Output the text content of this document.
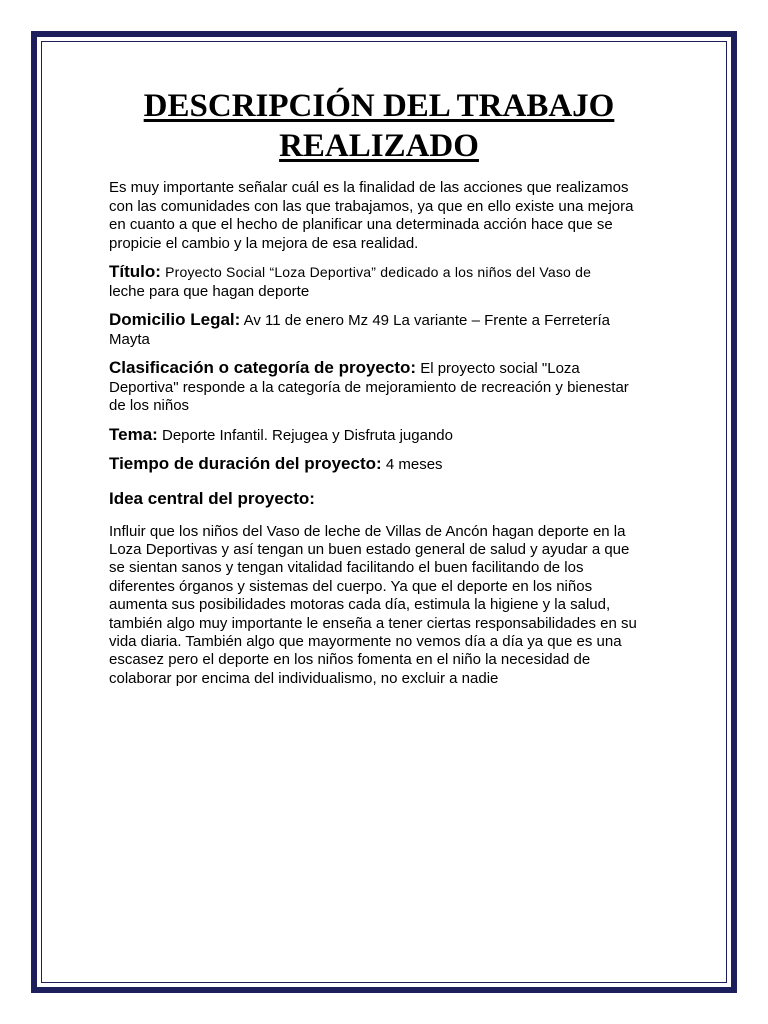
DESCRIPCIÓN DEL TRABAJO
REALIZADO

Es muy importante señalar cuál es la finalidad de las acciones que realizamos con las comunidades con las que trabajamos, ya que en ello existe una mejora en cuanto a que el hecho de planificar una determinada acción hace que se propicie el cambio y la mejora de esa realidad.

Título: Proyecto Social “Loza Deportiva” dedicado a los niños del Vaso de
leche para que hagan deporte

Domicilio Legal: Av 11 de enero Mz 49 La variante – Frente a Ferretería Mayta

Clasificación o categoría de proyecto: El proyecto social "Loza Deportiva" responde a la categoría de mejoramiento de recreación y bienestar de los niños

Tema: Deporte Infantil. Rejugea y Disfruta jugando

Tiempo de duración del proyecto: 4 meses

Idea central del proyecto:

Influir que los niños del Vaso de leche de Villas de Ancón hagan deporte en la Loza Deportivas y así tengan un buen estado general de salud y ayudar a que se sientan sanos y tengan vitalidad facilitando el buen facilitando de los diferentes órganos y sistemas del cuerpo. Ya que el deporte en los niños aumenta sus posibilidades motoras cada día, estimula la higiene y la salud, también algo muy importante le enseña a tener ciertas responsabilidades en su vida diaria. También algo que mayormente no vemos día a día ya que es una escasez pero el deporte en los niños fomenta en el niño la necesidad de colaborar por encima del individualismo, no excluir a nadie
